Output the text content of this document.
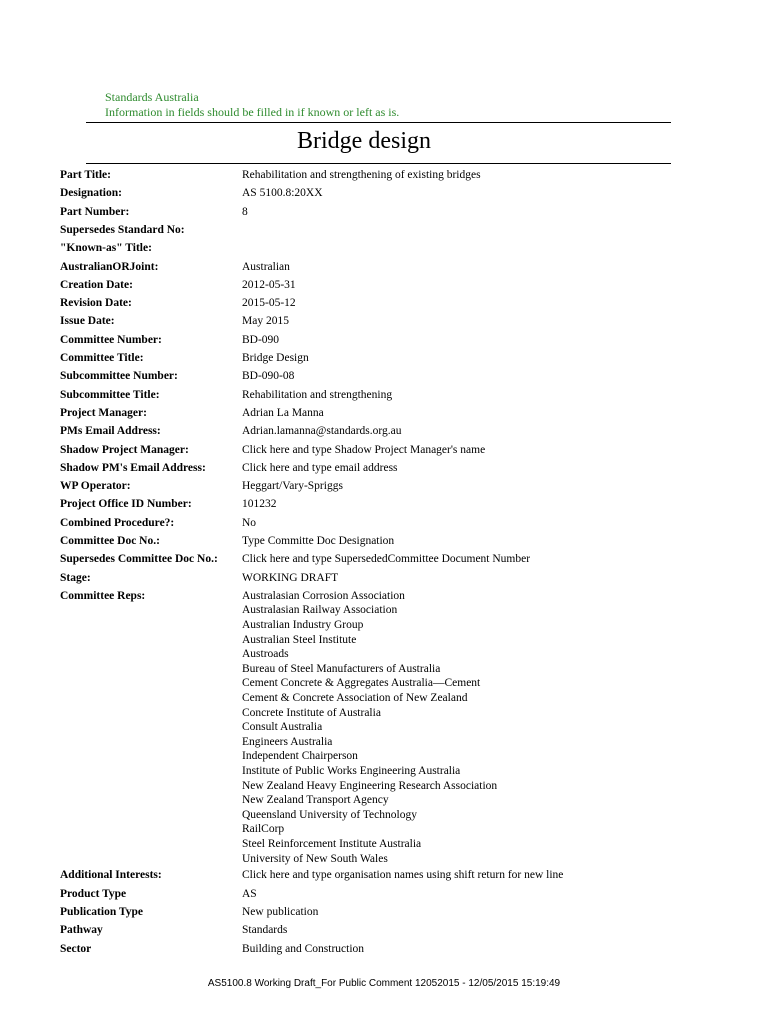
Standards Australia
Information in fields should be filled in if known or left as is.
Bridge design
Part Title:	Rehabilitation and strengthening of existing bridges
Designation:	AS 5100.8:20XX
Part Number:	8
Supersedes Standard No:
"Known-as" Title:
AustralianORJoint:	Australian
Creation Date:	2012-05-31
Revision Date:	2015-05-12
Issue Date:	May 2015
Committee Number:	BD-090
Committee Title:	Bridge Design
Subcommittee Number:	BD-090-08
Subcommittee Title:	Rehabilitation and strengthening
Project Manager:	Adrian La Manna
PMs Email Address:	Adrian.lamanna@standards.org.au
Shadow Project Manager:	Click here and type Shadow Project Manager's name
Shadow PM's Email Address:	Click here and type email address
WP Operator:	Heggart/Vary-Spriggs
Project Office ID Number:	101232
Combined Procedure?:	No
Committee Doc No.:	Type Committe Doc Designation
Supersedes Committee Doc No.: Click here and type SupersededCommittee Document Number
Stage:	WORKING DRAFT
Committee Reps:	Australasian Corrosion Association
Australasian Railway Association
Australian Industry Group
Australian Steel Institute
Austroads
Bureau of Steel Manufacturers of Australia
Cement Concrete & Aggregates Australia—Cement
Cement & Concrete Association of New Zealand
Concrete Institute of Australia
Consult Australia
Engineers Australia
Independent Chairperson
Institute of Public Works Engineering Australia
New Zealand Heavy Engineering Research Association
New Zealand Transport Agency
Queensland University of Technology
RailCorp
Steel Reinforcement Institute Australia
University of New South Wales
Additional Interests:	Click here and type organisation names using shift return for new line
Product Type	AS
Publication Type	New publication
Pathway	Standards
Sector	Building and Construction
AS5100.8 Working Draft_For Public Comment 12052015 - 12/05/2015 15:19:49
